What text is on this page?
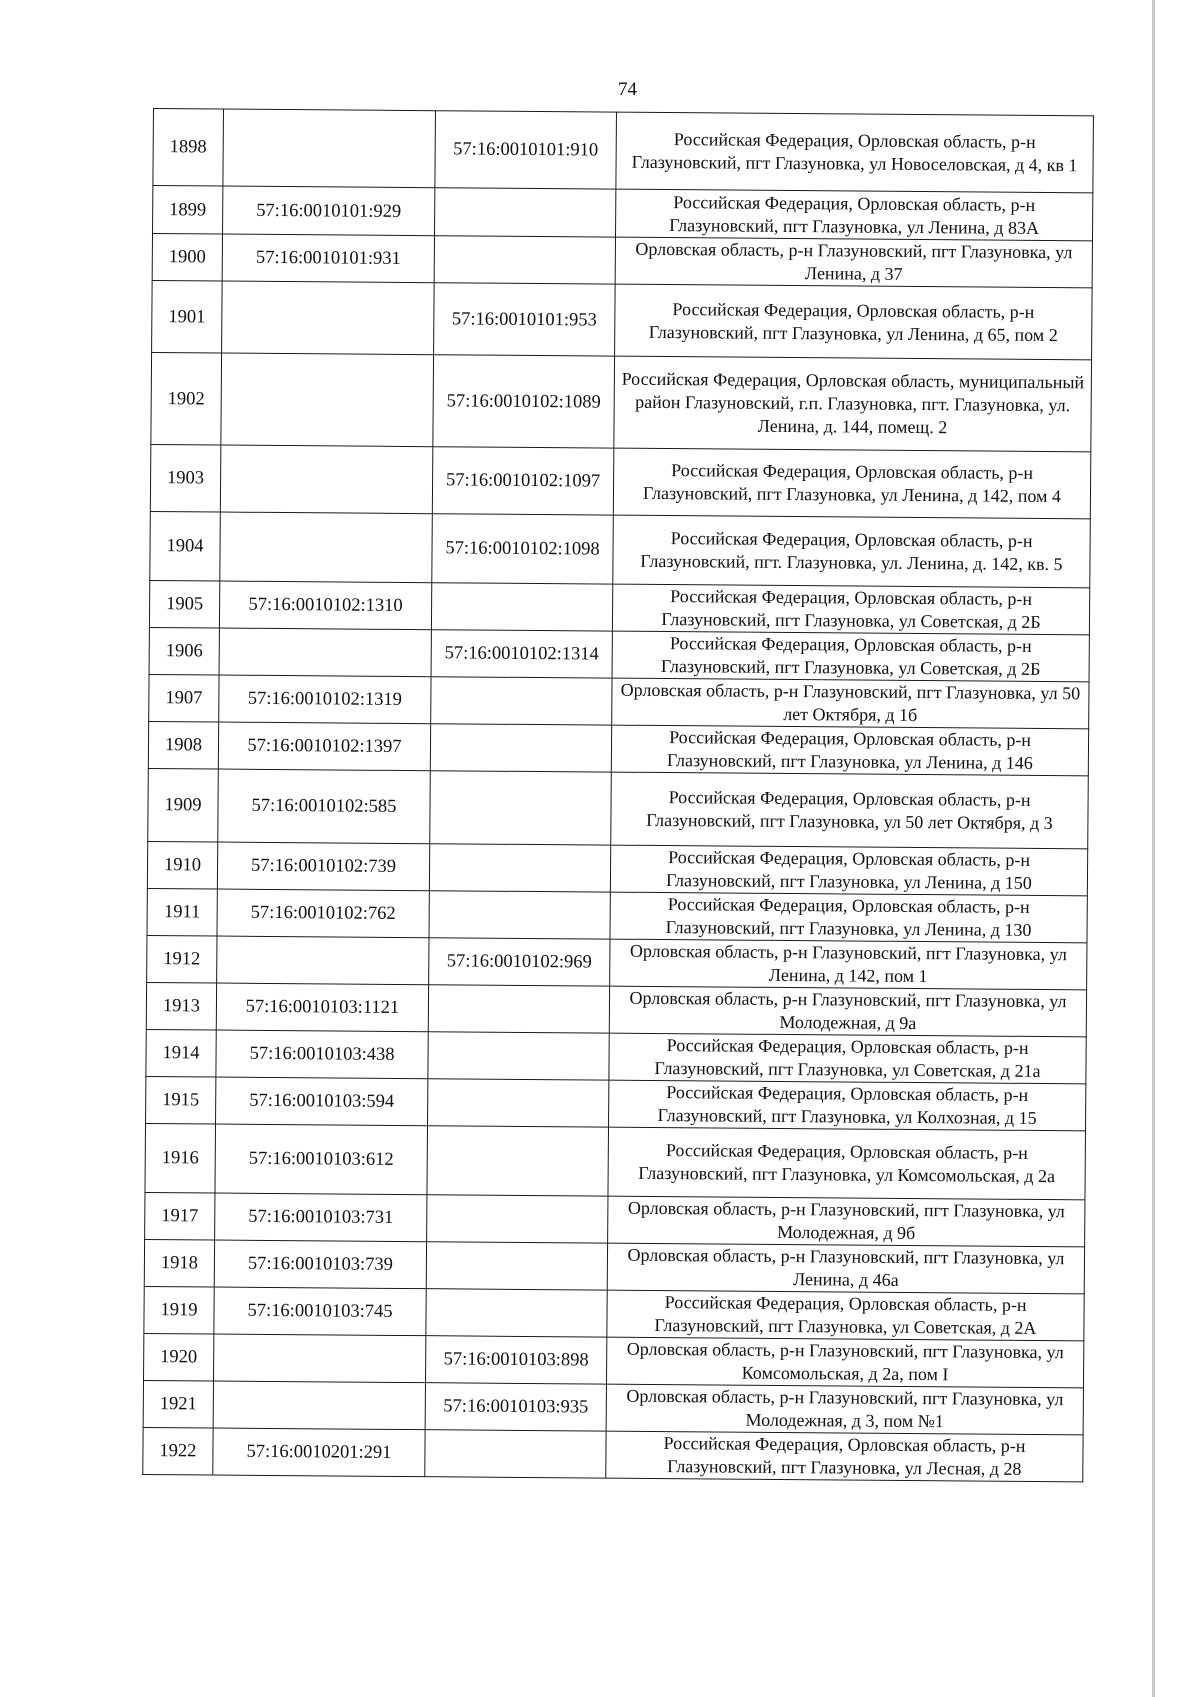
74
1898		57:16:0010101:910	Российская Федерация, Орловская область, р-н Глазуновский, пгт Глазуновка, ул Новоселовская, д 4, кв 1
1899	57:16:0010101:929		Российская Федерация, Орловская область, р-н Глазуновский, пгт Глазуновка, ул Ленина, д 83А
1900	57:16:0010101:931		Орловская область, р-н Глазуновский, пгт Глазуновка, ул Ленина, д 37
1901		57:16:0010101:953	Российская Федерация, Орловская область, р-н Глазуновский, пгт Глазуновка, ул Ленина, д 65, пом 2
1902		57:16:0010102:1089	Российская Федерация, Орловская область, муниципальный район Глазуновский, г.п. Глазуновка, пгт. Глазуновка, ул. Ленина, д. 144, помещ. 2
1903		57:16:0010102:1097	Российская Федерация, Орловская область, р-н Глазуновский, пгт Глазуновка, ул Ленина, д 142, пом 4
1904		57:16:0010102:1098	Российская Федерация, Орловская область, р-н Глазуновский, пгт. Глазуновка, ул. Ленина, д. 142, кв. 5
1905	57:16:0010102:1310		Российская Федерация, Орловская область, р-н Глазуновский, пгт Глазуновка, ул Советская, д 2Б
1906		57:16:0010102:1314	Российская Федерация, Орловская область, р-н Глазуновский, пгт Глазуновка, ул Советская, д 2Б
1907	57:16:0010102:1319		Орловская область, р-н Глазуновский, пгт Глазуновка, ул 50 лет Октября, д 1б
1908	57:16:0010102:1397		Российская Федерация, Орловская область, р-н Глазуновский, пгт Глазуновка, ул Ленина, д 146
1909	57:16:0010102:585		Российская Федерация, Орловская область, р-н Глазуновский, пгт Глазуновка, ул 50 лет Октября, д 3
1910	57:16:0010102:739		Российская Федерация, Орловская область, р-н Глазуновский, пгт Глазуновка, ул Ленина, д 150
1911	57:16:0010102:762		Российская Федерация, Орловская область, р-н Глазуновский, пгт Глазуновка, ул Ленина, д 130
1912		57:16:0010102:969	Орловская область, р-н Глазуновский, пгт Глазуновка, ул Ленина, д 142, пом 1
1913	57:16:0010103:1121		Орловская область, р-н Глазуновский, пгт Глазуновка, ул Молодежная, д 9а
1914	57:16:0010103:438		Российская Федерация, Орловская область, р-н Глазуновский, пгт Глазуновка, ул Советская, д 21а
1915	57:16:0010103:594		Российская Федерация, Орловская область, р-н Глазуновский, пгт Глазуновка, ул Колхозная, д 15
1916	57:16:0010103:612		Российская Федерация, Орловская область, р-н Глазуновский, пгт Глазуновка, ул Комсомольская, д 2а
1917	57:16:0010103:731		Орловская область, р-н Глазуновский, пгт Глазуновка, ул Молодежная, д 9б
1918	57:16:0010103:739		Орловская область, р-н Глазуновский, пгт Глазуновка, ул Ленина, д 46а
1919	57:16:0010103:745		Российская Федерация, Орловская область, р-н Глазуновский, пгт Глазуновка, ул Советская, д 2А
1920		57:16:0010103:898	Орловская область, р-н Глазуновский, пгт Глазуновка, ул Комсомольская, д 2а, пом I
1921		57:16:0010103:935	Орловская область, р-н Глазуновский, пгт Глазуновка, ул Молодежная, д 3, пом №1
1922	57:16:0010201:291		Российская Федерация, Орловская область, р-н Глазуновский, пгт Глазуновка, ул Лесная, д 28
